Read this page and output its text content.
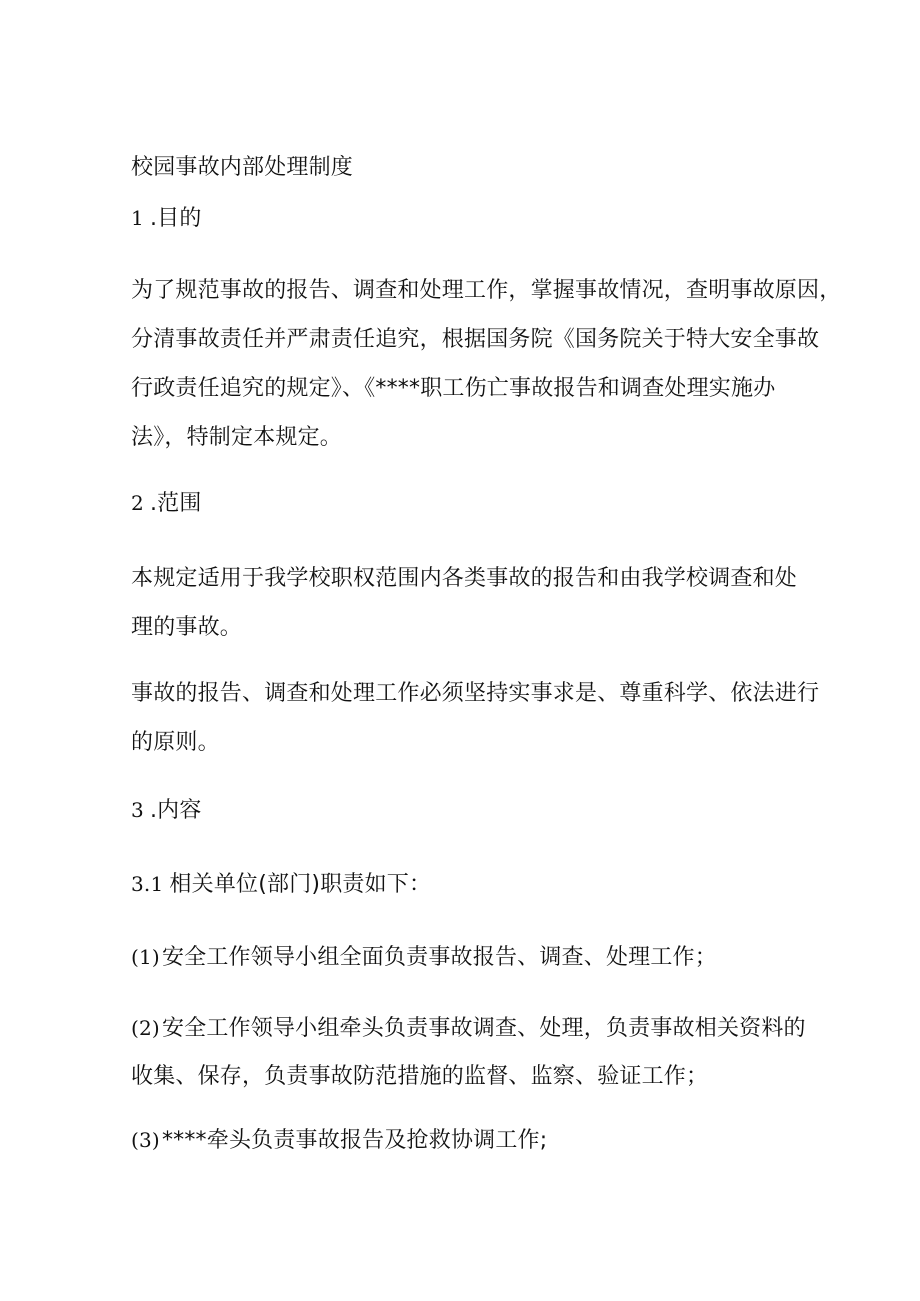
校园事故内部处理制度
1 .目的
为了规范事故的报告、调查和处理工作，掌握事故情况，查明事故原因，
分清事故责任并严肃责任追究，根据国务院《国务院关于特大安全事故
行政责任追究的规定》、《****职工伤亡事故报告和调查处理实施办
法》，特制定本规定。
2 .范围
本规定适用于我学校职权范围内各类事故的报告和由我学校调查和处
理的事故。
事故的报告、调查和处理工作必须坚持实事求是、尊重科学、依法进行
的原则。
3 .内容
3.1 相关单位(部门)职责如下：
(1)安全工作领导小组全面负责事故报告、调查、处理工作；
(2)安全工作领导小组牵头负责事故调查、处理，负责事故相关资料的
收集、保存，负责事故防范措施的监督、监察、验证工作；
(3)****牵头负责事故报告及抢救协调工作;
